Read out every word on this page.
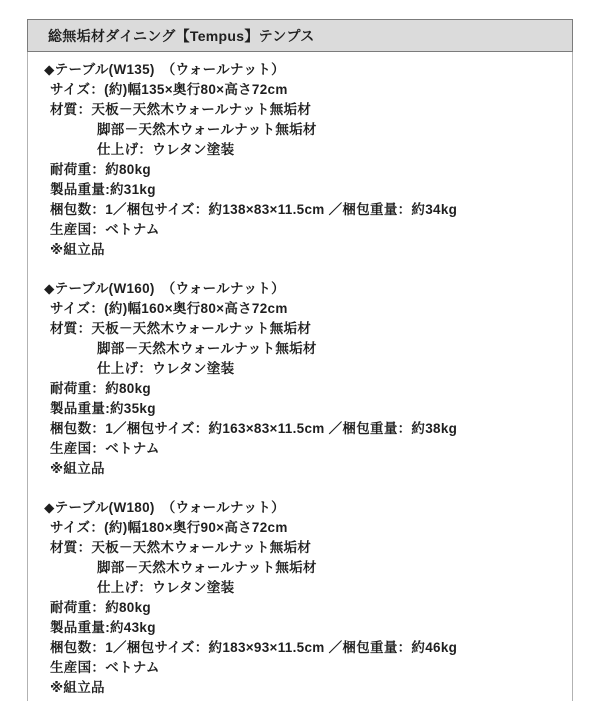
総無垢材ダイニング【Tempus】テンプス
◆テーブル(W135)　（ウォールナット）
サイズ：(約)幅135×奥行80×高さ72cm
材質：天板－天然木ウォールナット無垢材
脚部－天然木ウォールナット無垢材
仕上げ：ウレタン塗装
耐荷重：約80kg
製品重量:約31kg
梱包数：1／梱包サイズ：約138×83×11.5cm ／梱包重量：約34kg
生産国：ベトナム
※組立品
◆テーブル(W160)　（ウォールナット）
サイズ：(約)幅160×奥行80×高さ72cm
材質：天板－天然木ウォールナット無垢材
脚部－天然木ウォールナット無垢材
仕上げ：ウレタン塗装
耐荷重：約80kg
製品重量:約35kg
梱包数：1／梱包サイズ：約163×83×11.5cm ／梱包重量：約38kg
生産国：ベトナム
※組立品
◆テーブル(W180)　（ウォールナット）
サイズ：(約)幅180×奥行90×高さ72cm
材質：天板－天然木ウォールナット無垢材
脚部－天然木ウォールナット無垢材
仕上げ：ウレタン塗装
耐荷重：約80kg
製品重量:約43kg
梱包数：1／梱包サイズ：約183×93×11.5cm ／梱包重量：約46kg
生産国：ベトナム
※組立品
